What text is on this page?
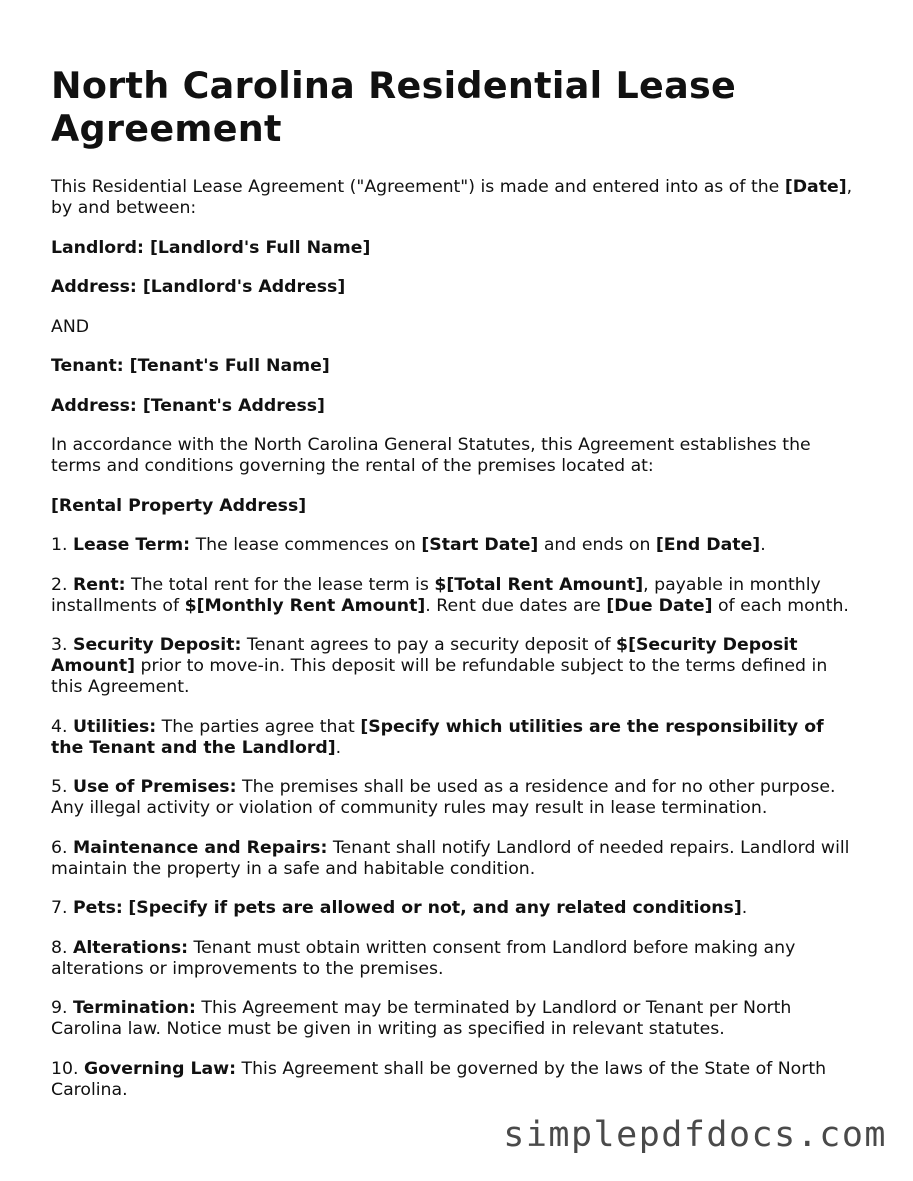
North Carolina Residential Lease Agreement

This Residential Lease Agreement ("Agreement") is made and entered into as of the [Date], by and between:

Landlord: [Landlord's Full Name]

Address: [Landlord's Address]

AND

Tenant: [Tenant's Full Name]

Address: [Tenant's Address]

In accordance with the North Carolina General Statutes, this Agreement establishes the terms and conditions governing the rental of the premises located at:

[Rental Property Address]

1. Lease Term: The lease commences on [Start Date] and ends on [End Date].

2. Rent: The total rent for the lease term is $[Total Rent Amount], payable in monthly installments of $[Monthly Rent Amount]. Rent due dates are [Due Date] of each month.

3. Security Deposit: Tenant agrees to pay a security deposit of $[Security Deposit Amount] prior to move-in. This deposit will be refundable subject to the terms defined in this Agreement.

4. Utilities: The parties agree that [Specify which utilities are the responsibility of the Tenant and the Landlord].

5. Use of Premises: The premises shall be used as a residence and for no other purpose. Any illegal activity or violation of community rules may result in lease termination.

6. Maintenance and Repairs: Tenant shall notify Landlord of needed repairs. Landlord will maintain the property in a safe and habitable condition.

7. Pets: [Specify if pets are allowed or not, and any related conditions].

8. Alterations: Tenant must obtain written consent from Landlord before making any alterations or improvements to the premises.

9. Termination: This Agreement may be terminated by Landlord or Tenant per North Carolina law. Notice must be given in writing as specified in relevant statutes.

10. Governing Law: This Agreement shall be governed by the laws of the State of North Carolina.

simplepdfdocs.com
